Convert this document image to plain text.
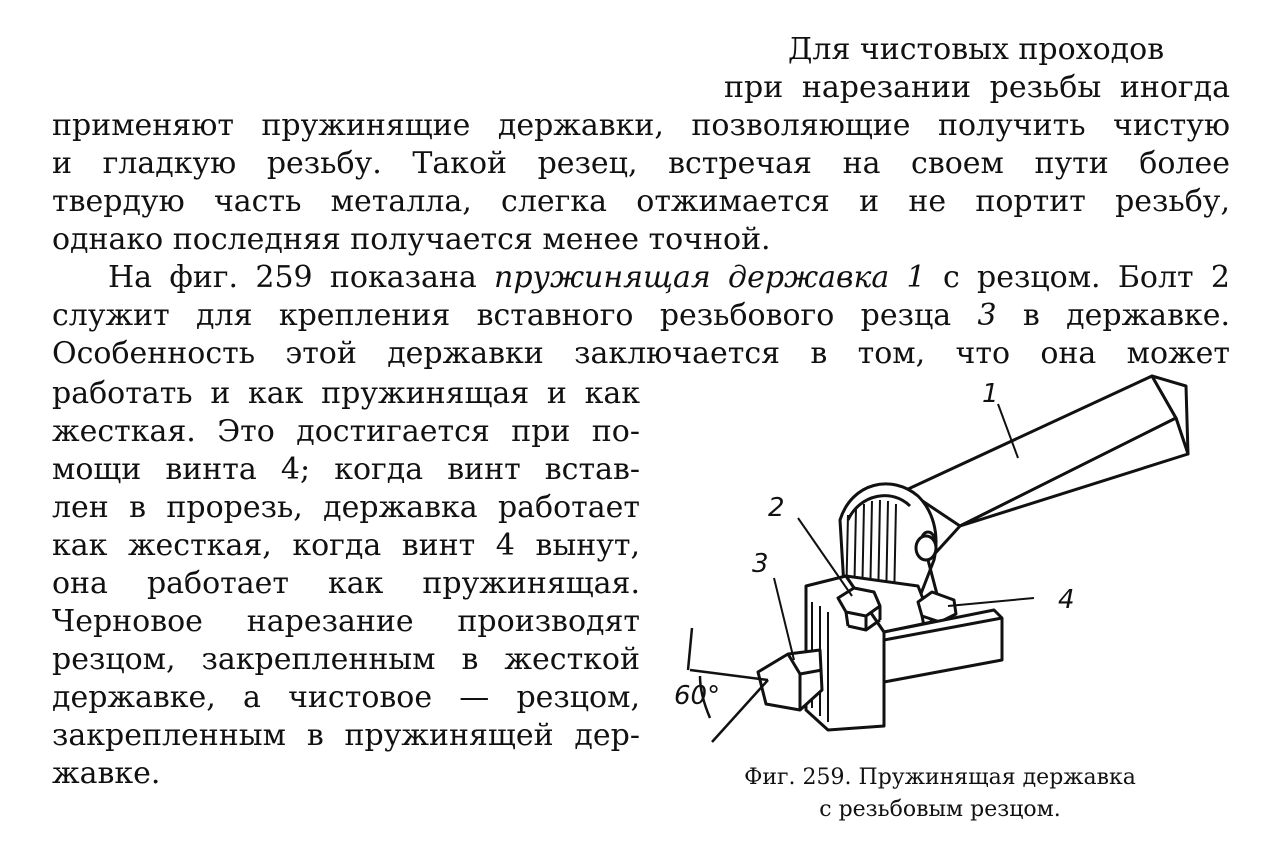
Для чистовых проходов
при нарезании резьбы иногда
применяют пружинящие державки, позволяющие получить чистую
и гладкую резьбу. Такой резец, встречая на своем пути более
твердую часть металла, слегка отжимается и не портит резьбу,
однако последняя получается менее точной.
На фиг. 259 показана пружинящая державка 1 с резцом. Болт 2
служит для крепления вставного резьбового резца 3 в державке.
Особенность этой державки заключается в том, что она может
работать и как пружинящая и как
жесткая. Это достигается при по-
мощи винта 4; когда винт встав-
лен в прорезь, державка работает
как жесткая, когда винт 4 вынут,
она работает как пружинящая.
Черновое нарезание производят
резцом, закрепленным в жесткой
державке, а чистовое — резцом,
закрепленным в пружинящей дер-
жавке.
1
2
3
4
60°
Фиг. 259. Пружинящая державка
с резьбовым резцом.
